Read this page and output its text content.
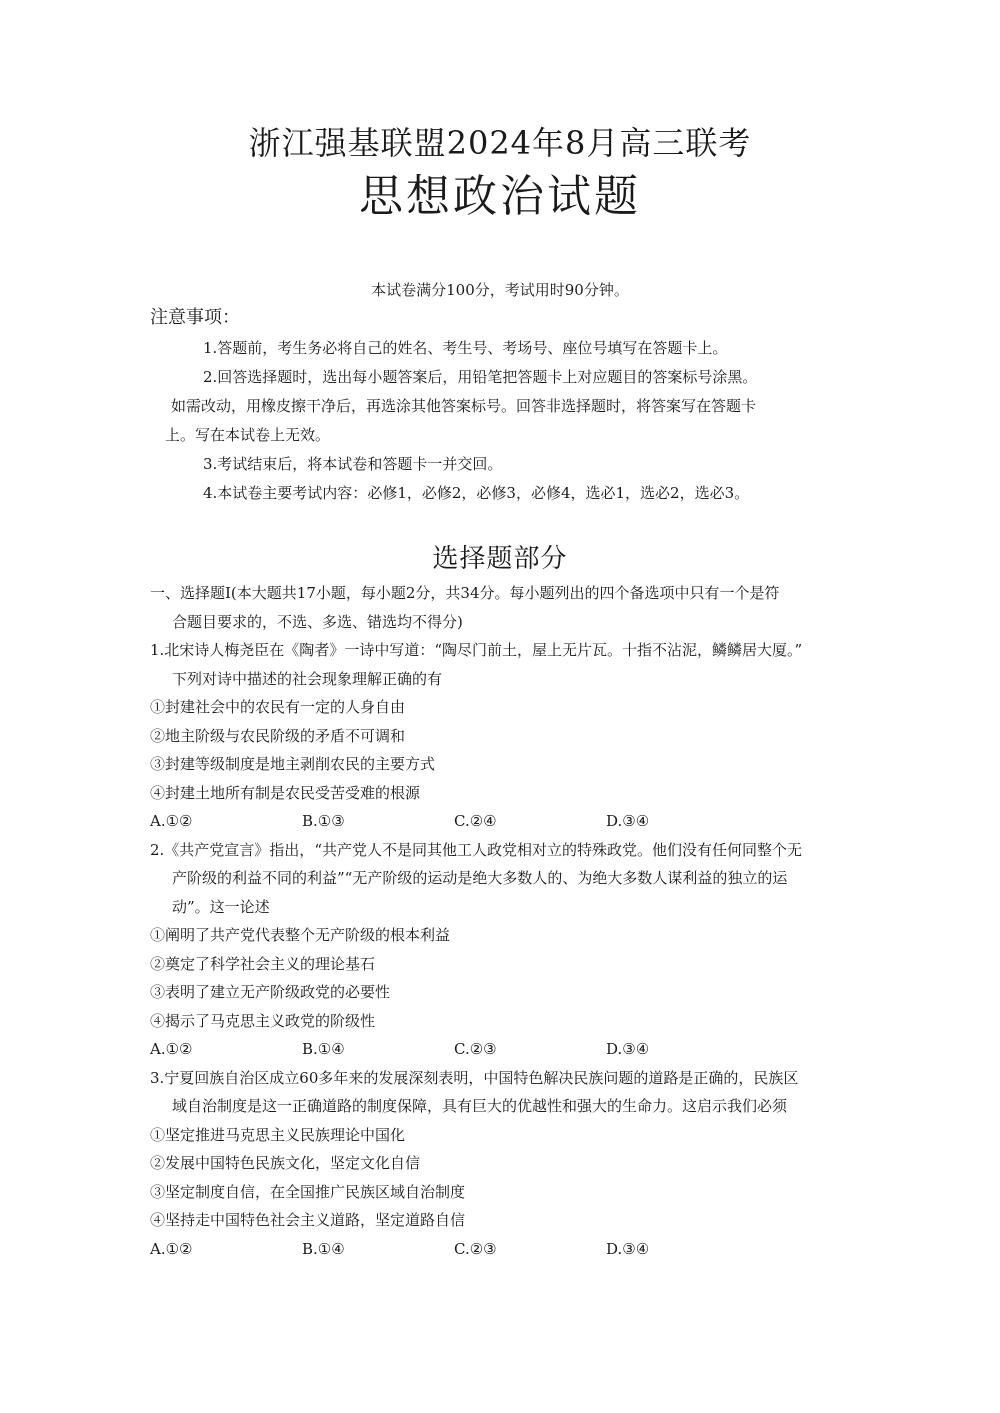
浙江强基联盟2024年8月高三联考
思想政治试题
本试卷满分100分，考试用时90分钟。
注意事项：

1.答题前，考生务必将自己的姓名、考生号、考场号、座位号填写在答题卡上。

2.回答选择题时，选出每小题答案后，用铅笔把答题卡上对应题目的答案标号涂黑。

如需改动，用橡皮擦干净后，再选涂其他答案标号。回答非选择题时，将答案写在答题卡

上。写在本试卷上无效。

3.考试结束后，将本试卷和答题卡一并交回。

4.本试卷主要考试内容：必修1，必修2，必修3，必修4，选必1，选必2，选必3。

选择题部分

一、选择题Ⅰ(本大题共17小题，每小题2分，共34分。每小题列出的四个备选项中只有一个是符

合题目要求的，不选、多选、错选均不得分)

1.北宋诗人梅尧臣在《陶者》一诗中写道：“陶尽门前土，屋上无片瓦。十指不沾泥，鳞鳞居大厦。”

下列对诗中描述的社会现象理解正确的有

①封建社会中的农民有一定的人身自由

②地主阶级与农民阶级的矛盾不可调和

③封建等级制度是地主剥削农民的主要方式

④封建土地所有制是农民受苦受难的根源

A.①②	B.①③	C.②④	D.③④

2.《共产党宣言》指出，“共产党人不是同其他工人政党相对立的特殊政党。他们没有任何同整个无

产阶级的利益不同的利益”“无产阶级的运动是绝大多数人的、为绝大多数人谋利益的独立的运

动”。这一论述

①阐明了共产党代表整个无产阶级的根本利益

②奠定了科学社会主义的理论基石

③表明了建立无产阶级政党的必要性

④揭示了马克思主义政党的阶级性

A.①②	B.①④	C.②③	D.③④

3.宁夏回族自治区成立60多年来的发展深刻表明，中国特色解决民族问题的道路是正确的，民族区

域自治制度是这一正确道路的制度保障，具有巨大的优越性和强大的生命力。这启示我们必须

①坚定推进马克思主义民族理论中国化

②发展中国特色民族文化，坚定文化自信

③坚定制度自信，在全国推广民族区域自治制度

④坚持走中国特色社会主义道路，坚定道路自信

A.①②	B.①④	C.②③	D.③④
